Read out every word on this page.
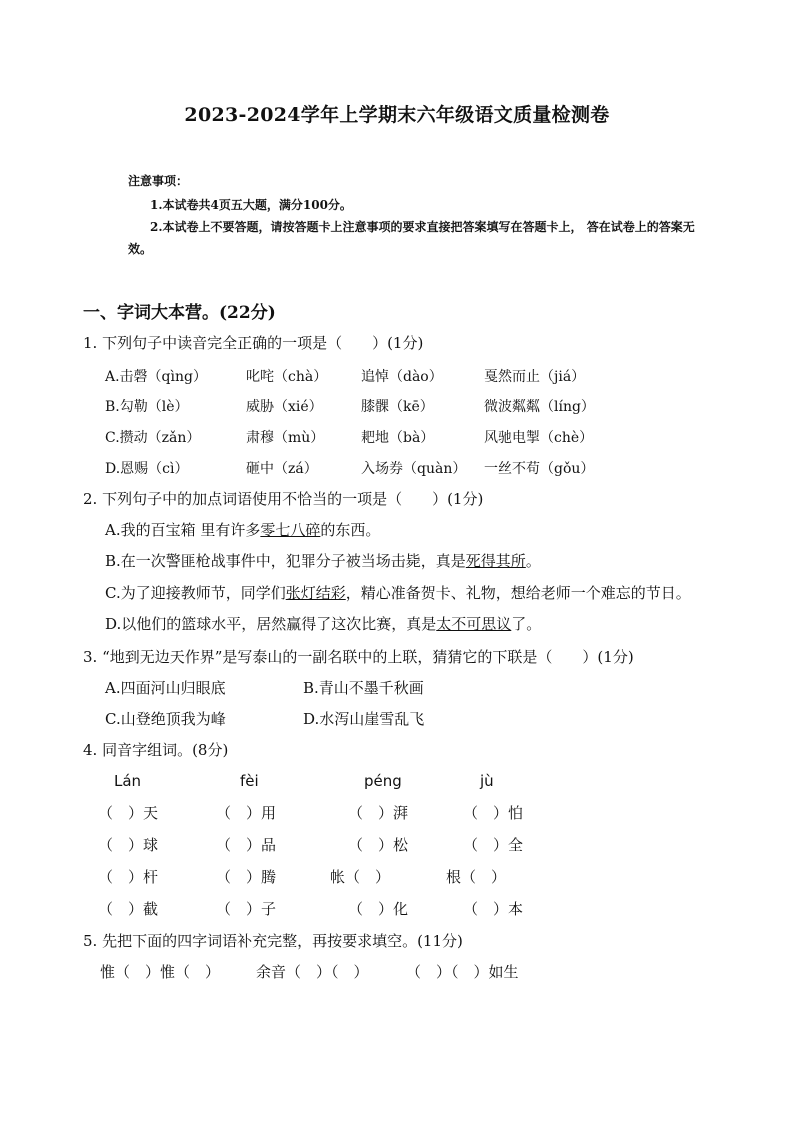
2023-2024学年上学期末六年级语文质量检测卷
注意事项：
1.本试卷共4页五大题，满分100分。
2.本试卷上不要答题，请按答题卡上注意事项的要求直接把答案填写在答题卡上， 答在试卷上的答案无
效。
一、字词大本营。(22分)
1. 下列句子中读音完全正确的一项是（　　）(1分)
A.击磬（qìng）	叱咤（chà） 追悼（dào）	戛然而止（jiá）
B.勾勒（lè）	威胁（xié）	膝髁（kē）	微波粼粼（líng）
C.攒动（zǎn）	肃穆（mù）	耙地（bà）	风驰电掣（chè）
D.恩赐（cì）	砸中（zá）	入场券（quàn） 一丝不苟（gǒu）
2. 下列句子中的加点词语使用不恰当的一项是（　　）(1分)
A.我的百宝箱 里有许多零七八碎的东西。
B.在一次警匪枪战事件中，犯罪分子被当场击毙，真是死得其所。
C.为了迎接教师节，同学们张灯结彩，精心准备贺卡、礼物，想给老师一个难忘的节日。
D.以他们的篮球水平，居然赢得了这次比赛，真是太不可思议了。
3. “地到无边天作界”是写泰山的一副名联中的上联，猜猜它的下联是（　　）(1分)
A.四面河山归眼底	B.青山不墨千秋画
C.山登绝顶我为峰	D.水泻山崖雪乱飞
4. 同音字组词。(8分)
Lán	fèi	péng	jù
（　）天	（　）用	（　）湃	（　）怕
（　）球	（　）品	（　）松	（　）全
（　）杆	（　）腾	帐（　）	根（　）
（　）截	（　）子	（　）化	（　）本
5. 先把下面的四字词语补充完整，再按要求填空。(11分)
惟（　）惟（　） 余音（　）（　） （　）（　）如生
